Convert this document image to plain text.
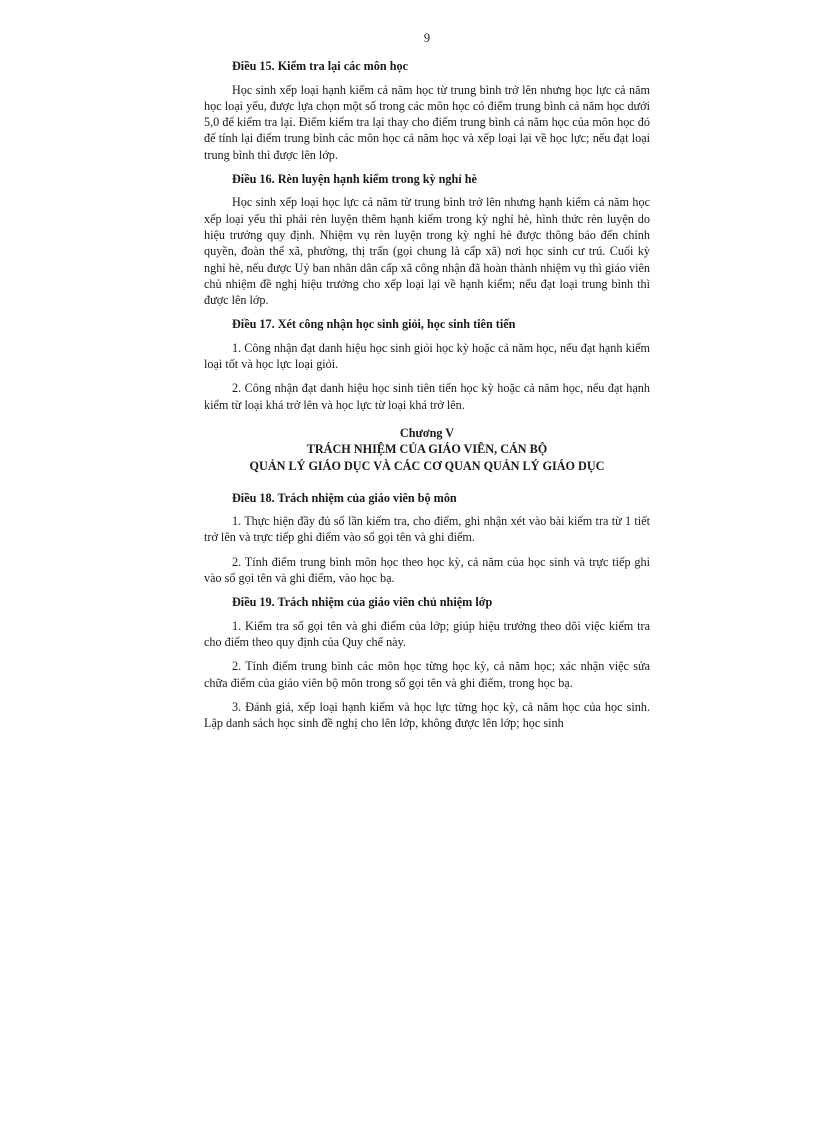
9
Điều 15. Kiểm tra lại các môn học

Học sinh xếp loại hạnh kiểm cả năm học từ trung bình trở lên nhưng học lực cả năm học loại yếu, được lựa chọn một số trong các môn học có điểm trung bình cả năm học dưới 5,0 để kiểm tra lại. Điểm kiểm tra lại thay cho điểm trung bình cả năm học của môn học đó để tính lại điểm trung bình các môn học cả năm học và xếp loại lại về học lực; nếu đạt loại trung bình thì được lên lớp.

Điều 16. Rèn luyện hạnh kiểm trong kỳ nghỉ hè

Học sinh xếp loại học lực cả năm từ trung bình trở lên nhưng hạnh kiểm cả năm học xếp loại yếu thì phải rèn luyện thêm hạnh kiểm trong kỳ nghỉ hè, hình thức rèn luyện do hiệu trưởng quy định. Nhiệm vụ rèn luyện trong kỳ nghỉ hè được thông báo đến chính quyền, đoàn thể xã, phường, thị trấn (gọi chung là cấp xã) nơi học sinh cư trú. Cuối kỳ nghỉ hè, nếu được Uỷ ban nhân dân cấp xã công nhận đã hoàn thành nhiệm vụ thì giáo viên chủ nhiệm đề nghị hiệu trưởng cho xếp loại lại về hạnh kiểm; nếu đạt loại trung bình thì được lên lớp.

Điều 17. Xét công nhận học sinh giỏi, học sinh tiên tiến

1. Công nhận đạt danh hiệu học sinh giỏi học kỳ hoặc cả năm học, nếu đạt hạnh kiểm loại tốt và học lực loại giỏi.

2. Công nhận đạt danh hiệu học sinh tiên tiến học kỳ hoặc cả năm học, nếu đạt hạnh kiểm từ loại khá trở lên và học lực từ loại khá trở lên.

Chương V
TRÁCH NHIỆM CỦA GIÁO VIÊN, CÁN BỘ
QUẢN LÝ GIÁO DỤC VÀ CÁC CƠ QUAN QUẢN LÝ GIÁO DỤC
Điều 18. Trách nhiệm của giáo viên bộ môn

1. Thực hiện đầy đủ số lần kiểm tra, cho điểm, ghi nhận xét vào bài kiểm tra từ 1 tiết trở lên và trực tiếp ghi điểm vào sổ gọi tên và ghi điểm.

2. Tính điểm trung bình môn học theo học kỳ, cả năm của học sinh và trực tiếp ghi vào sổ gọi tên và ghi điểm, vào học bạ.

Điều 19. Trách nhiệm của giáo viên chủ nhiệm lớp

1. Kiểm tra sổ gọi tên và ghi điểm của lớp; giúp hiệu trưởng theo dõi việc kiểm tra cho điểm theo quy định của Quy chế này.

2. Tính điểm trung bình các môn học từng học kỳ, cả năm học; xác nhận việc sửa chữa điểm của giáo viên bộ môn trong sổ gọi tên và ghi điểm, trong học bạ.

3. Đánh giá, xếp loại hạnh kiểm và học lực từng học kỳ, cả năm học của học sinh. Lập danh sách học sinh đề nghị cho lên lớp, không được lên lớp; học sinh
